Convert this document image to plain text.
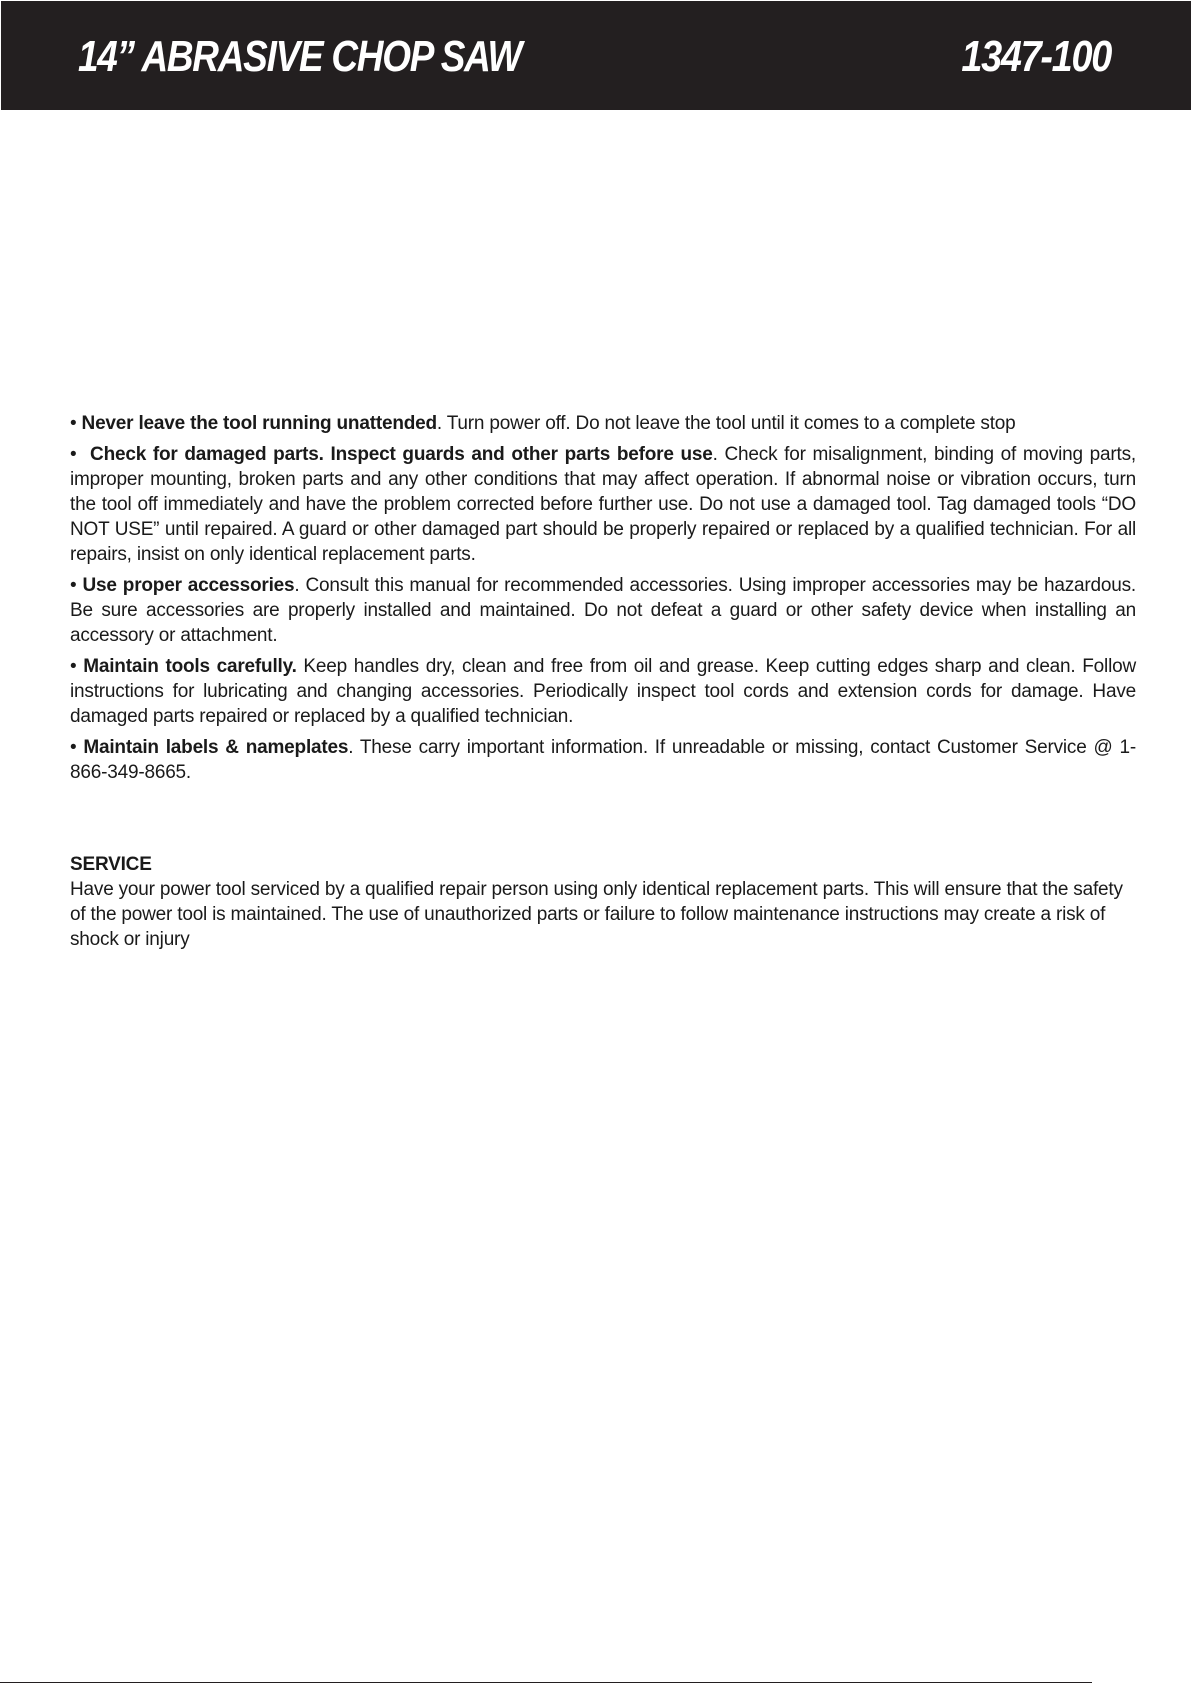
14” ABRASIVE CHOP SAW	1347-100

• Never leave the tool running unattended. Turn power off. Do not leave the tool until it comes to a complete stop

• Check for damaged parts. Inspect guards and other parts before use. Check for misalignment, binding of moving parts, improper mounting, broken parts and any other conditions that may affect operation. If abnormal noise or vibration occurs, turn the tool off immediately and have the problem corrected before further use. Do not use a damaged tool. Tag damaged tools “DO NOT USE” until repaired. A guard or other damaged part should be properly repaired or replaced by a qualified technician. For all repairs, insist on only identical replacement parts.

• Use proper accessories. Consult this manual for recommended accessories. Using improper accessories may be hazardous. Be sure accessories are properly installed and maintained. Do not defeat a guard or other safety device when installing an accessory or attachment.

• Maintain tools carefully. Keep handles dry, clean and free from oil and grease. Keep cutting edges sharp and clean. Follow instructions for lubricating and changing accessories. Periodically inspect tool cords and extension cords for damage. Have damaged parts repaired or replaced by a qualified technician.

• Maintain labels & nameplates. These carry important information. If unreadable or missing, contact Customer Service @ 1-866-349-8665.

SERVICE

Have your power tool serviced by a qualified repair person using only identical replacement parts. This will ensure that the safety of the power tool is maintained. The use of unauthorized parts or failure to follow maintenance instructions may create a risk of shock or injury
